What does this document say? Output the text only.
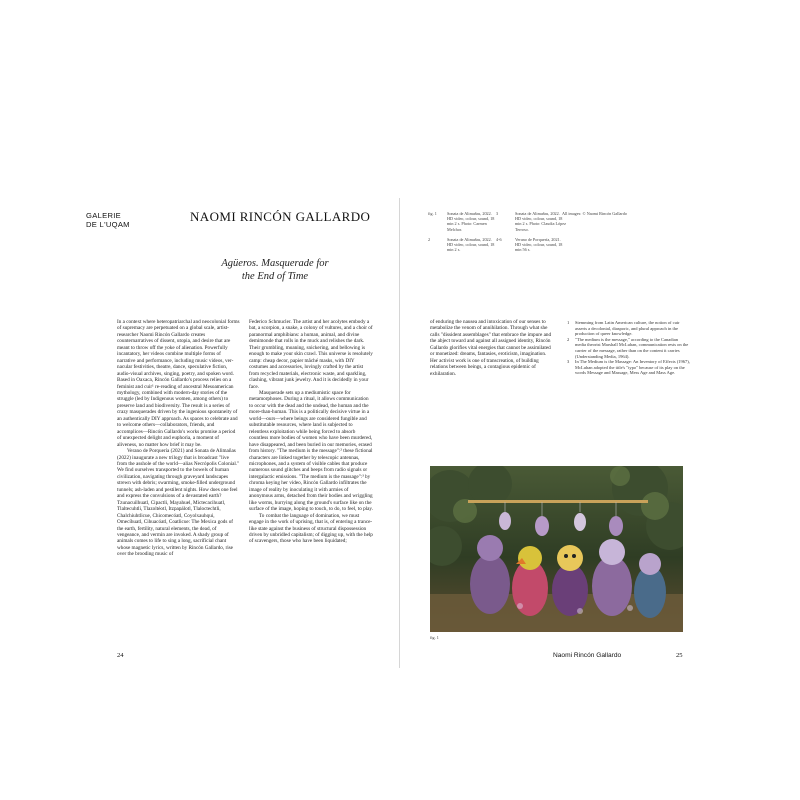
GALERIE
DE L'UQAM
NAOMI RINCÓN GALLARDO
Agüeros. Masquerade for
the End of Time

In a context where heteropatriarchal and neocolonial forms of supremacy are perpetuated on a global scale, artist-researcher Naomi Rincón Gallardo creates counternarratives of dissent, utopia, and desire that are meant to throw off the yoke of alienation. Powerfully incantatory, her videos combine multiple forms of narrative and performance, including music videos, vernacular festivities, theatre, dance, speculative fiction, audio-visual archives, singing, poetry, and spoken word. Based in Oaxaca, Rincón Gallardo's process relies on a feminist and cuir¹ re-reading of ancestral Mesoamerican mythology, combined with modern-day stories of the struggle (led by Indigenous women, among others) to preserve land and biodiversity. The result is a series of crazy masquerades driven by the ingenious spontaneity of an authentically DIY approach. As spaces to celebrate and to welcome others—collaborators, friends, and accomplices—Rincón Gallardo's works promise a period of unexpected delight and euphoria, a moment of aliveness, no matter how brief it may be.

Verano de Porquería (2021) and Sonata de Alimañas (2022) inaugurate a new trilogy that is broadcast "live from the asshole of the world—alias Necrópolis Colonial." We find ourselves transported to the bowels of human civilization, navigating through graveyard landscapes strewn with debris; swarming, smoke-filled underground tunnels; ash-laden and pestilent nights. How does one feel and express the convulsions of a devastated earth? Tzunacuilhuatl, Cipactli, Mayahuel, Mictecacihuatl, Tlaltecuhtli, Tlazoltéotl, Itzpapálotl, Tlaloctechtli, Chalchiuhtlicue, Chicomecóatl, Coyolxauhqui, Omecíhuatl, Cihuacóatl, Coatlicue: The Mexica gods of the earth, fertility, natural elements, the dead, of vengeance, and vermin are invoked. A shady group of animals comes to life to sing a long, sacrificial chant whose magnetic lyrics, written by Rincón Gallardo, rise over the brooding music of

Federico Schmucler. The artist and her acolytes embody a bat, a scorpion, a snake, a colony of vultures, and a choir of paranormal amphibians: a human, animal, and divine demimonde that rolls in the muck and relishes the dark. Their grumbling, moaning, snickering, and bellowing is enough to make your skin crawl. This universe is resolutely camp: cheap decor, papier mâché masks, with DIY costumes and accessories, lovingly crafted by the artist from recycled materials, electronic waste, and sparkling, clashing, vibrant junk jewelry. And it is decidedly in your face.

Masquerade sets up a mediumistic space for metamorphoses. During a ritual, it allows communication to occur with the dead and the undead, the human and the more-than-human. This is a politically decisive virtue in a world—ours—where beings are considered fungible and substitutable resources, where land is subjected to relentless exploitation while being forced to absorb countless more bodies of women who have been murdered, have disappeared, and been buried in our memories, erased from history. "The medium is the message":² these fictional characters are linked together by telescopic antennas, microphones, and a system of visible cables that produce numerous sound glitches and beeps from radio signals or intergalactic emissions. "The medium is the massage":³ by chroma keying her video, Rincón Gallardo infiltrates the image of reality by inoculating it with armies of anonymous arms, detached from their bodies and wriggling like worms, hurrying along the ground's surface like on the surface of the image, hoping to touch, to do, to feel, to play.

To combat the language of domination, we must engage in the work of uprising, that is, of entering a trance-like state against the business of structural dispossession driven by unbridled capitalism; of digging up, with the help of scavengers, those who have been liquidated;

24
fig. 1	Sonata de Alimañas, 2022. HD video, colour, sound, 18 min 2 s. Photo: Carmen Melchor.
2	Sonata de Alimañas, 2022. HD video, colour, sound, 18 min 2 s.
3	Sonata de Alimañas, 2022. HD video, colour, sound, 18 min 2 s. Photo: Claudia López Terroso.
4-6	Verano de Porquería, 2021. HD video, colour, sound, 18 min 56 s.
All images: © Naomi Rincón Gallardo

of enduring the nausea and intoxication of our senses to metabolize the venom of annihilation. Through what she calls "dissident assemblages" that embrace the impure and the abject toward and against all assigned identity, Rincón Gallardo glorifies vital energies that cannot be assimilated or monetized: dreams, fantasies, eroticism, imagination. Her activist work is one of transcreation, of building relations between beings, a contagious epidemic of exhilaration.

1	Stemming from Latin American culture, the notion of cuir asserts a decolonial, diasporic, and plural approach in the production of queer knowledge.
2	"The medium is the message," according to the Canadian media theorist Marshall McLuhan, communication rests on the carrier of the message, rather than on the content it carries (Understanding Media, 1964).
3	In The Medium is the Massage: An Inventory of Effects (1967), McLuhan adopted the title's "typo" because of its play on the words Message and Massage, Mess Age and Mass Age.
fig. 1
Naomi Rincón Gallardo	25
